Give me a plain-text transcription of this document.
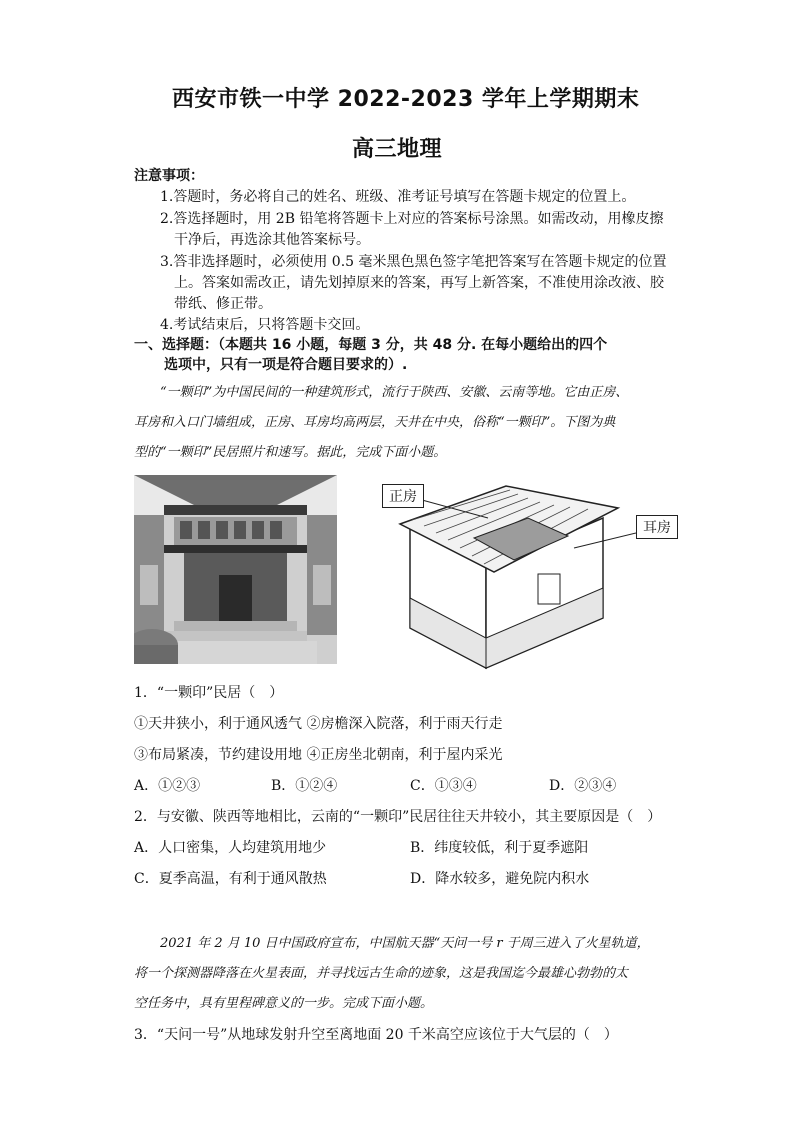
西安市铁一中学 2022-2023 学年上学期期末
高三地理
注意事项：
1.答题时，务必将自己的姓名、班级、准考证号填写在答题卡规定的位置上。
2.答选择题时，用 2B 铅笔将答题卡上对应的答案标号涂黑。如需改动，用橡皮擦
干净后，再选涂其他答案标号。
3.答非选择题时，必须使用 0.5 毫米黑色黑色签字笔把答案写在答题卡规定的位置
上。答案如需改正，请先划掉原来的答案，再写上新答案，不准使用涂改液、胶
带纸、修正带。
4.考试结束后，只将答题卡交回。
一、选择题：（本题共 16 小题，每题 3 分，共 48 分. 在每小题给出的四个
选项中，只有一项是符合题目要求的）.
“一颗印”为中国民间的一种建筑形式，流行于陕西、安徽、云南等地。它由正房、
耳房和入口门墙组成，正房、耳房均高两层，天井在中央，俗称“一颗印”。下图为典
型的“一颗印”民居照片和速写。据此，完成下面小题。
正房
耳房
1．“一颗印”民居（　）
①天井狭小，利于通风透气 ②房檐深入院落，利于雨天行走
③布局紧凑，节约建设用地 ④正房坐北朝南，利于屋内采光
A．①②③	B．①②④	C．①③④	D．②③④
2．与安徽、陕西等地相比，云南的“一颗印”民居往往天井较小，其主要原因是（　）
A．人口密集，人均建筑用地少	B．纬度较低，利于夏季遮阳
C．夏季高温，有利于通风散热	D．降水较多，避免院内积水
2021 年 2 月 10 日中国政府宣布，中国航天器“天问一号 r 于周三进入了火星轨道，
将一个探测器降落在火星表面，并寻找远古生命的迹象，这是我国迄今最雄心勃勃的太
空任务中，具有里程碑意义的一步。完成下面小题。
3．“天问一号”从地球发射升空至离地面 20 千米高空应该位于大气层的（　）
